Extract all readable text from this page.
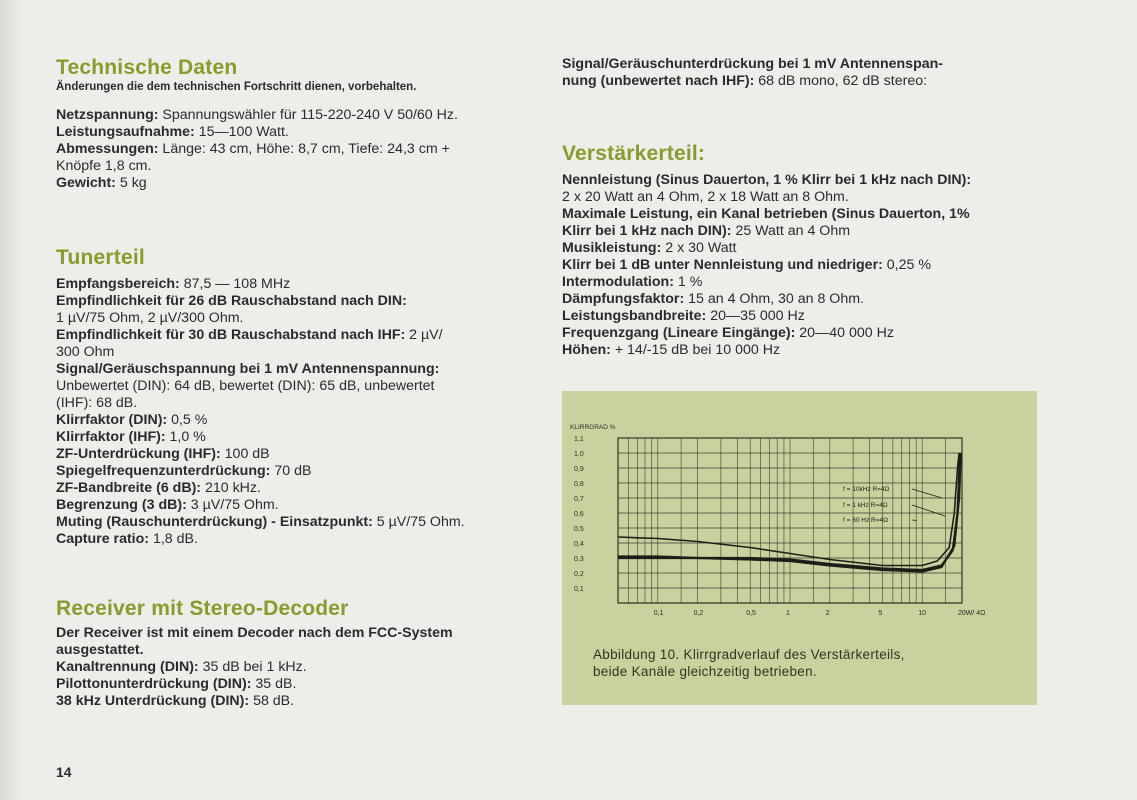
Technische Daten

Änderungen die dem technischen Fortschritt dienen, vorbehalten.

Netzspannung: Spannungswähler für 115-220-240 V 50/60 Hz.

Leistungsaufnahme: 15—100 Watt.

Abmessungen: Länge: 43 cm, Höhe: 8,7 cm, Tiefe: 24,3 cm +

Knöpfe 1,8 cm.

Gewicht: 5 kg

Tunerteil

Empfangsbereich: 87,5 — 108 MHz

Empfindlichkeit für 26 dB Rauschabstand nach DIN:

1 µV/75 Ohm, 2 µV/300 Ohm.

Empfindlichkeit für 30 dB Rauschabstand nach IHF: 2 µV/

300 Ohm

Signal/Geräuschspannung bei 1 mV Antennenspannung:

Unbewertet (DIN): 64 dB, bewertet (DIN): 65 dB, unbewertet

(IHF): 68 dB.

Klirrfaktor (DIN): 0,5 %

Klirrfaktor (IHF): 1,0 %

ZF-Unterdrückung (IHF): 100 dB

Spiegelfrequenzunterdrückung: 70 dB

ZF-Bandbreite (6 dB): 210 kHz.

Begrenzung (3 dB): 3 µV/75 Ohm.

Muting (Rauschunterdrückung) - Einsatzpunkt: 5 µV/75 Ohm.

Capture ratio: 1,8 dB.

Receiver mit Stereo-Decoder

Der Receiver ist mit einem Decoder nach dem FCC-System

ausgestattet.

Kanaltrennung (DIN): 35 dB bei 1 kHz.

Pilottonunterdrückung (DIN): 35 dB.

38 kHz Unterdrückung (DIN): 58 dB.

Signal/Geräuschunterdrückung bei 1 mV Antennenspan-

nung (unbewertet nach IHF): 68 dB mono, 62 dB stereo:

Verstärkerteil:

Nennleistung (Sinus Dauerton, 1 % Klirr bei 1 kHz nach DIN):

2 x 20 Watt an 4 Ohm, 2 x 18 Watt an 8 Ohm.

Maximale Leistung, ein Kanal betrieben (Sinus Dauerton, 1%

Klirr bei 1 kHz nach DIN): 25 Watt an 4 Ohm

Musikleistung: 2 x 30 Watt

Klirr bei 1 dB unter Nennleistung und niedriger: 0,25 %

Intermodulation: 1 %

Dämpfungsfaktor: 15 an 4 Ohm, 30 an 8 Ohm.

Leistungsbandbreite: 20—35 000 Hz

Frequenzgang (Lineare Eingänge): 20—40 000 Hz

Höhen: + 14/-15 dB bei 10 000 Hz

1,1
1,0
0,9
0,8
0,7
0,6
0,5
0,4
0,3
0,2
0,1
0,1	0,2	0,5	1	2	5	10	20W/ 4Ω
KLIRRGRAD %
f = 10kHz R=4Ω
f = 1 kHz R=4Ω
f = 60 Hz R=4Ω
Abbildung 10. Klirrgradverlauf des Verstärkerteils,
beide Kanäle gleichzeitig betrieben.
14
